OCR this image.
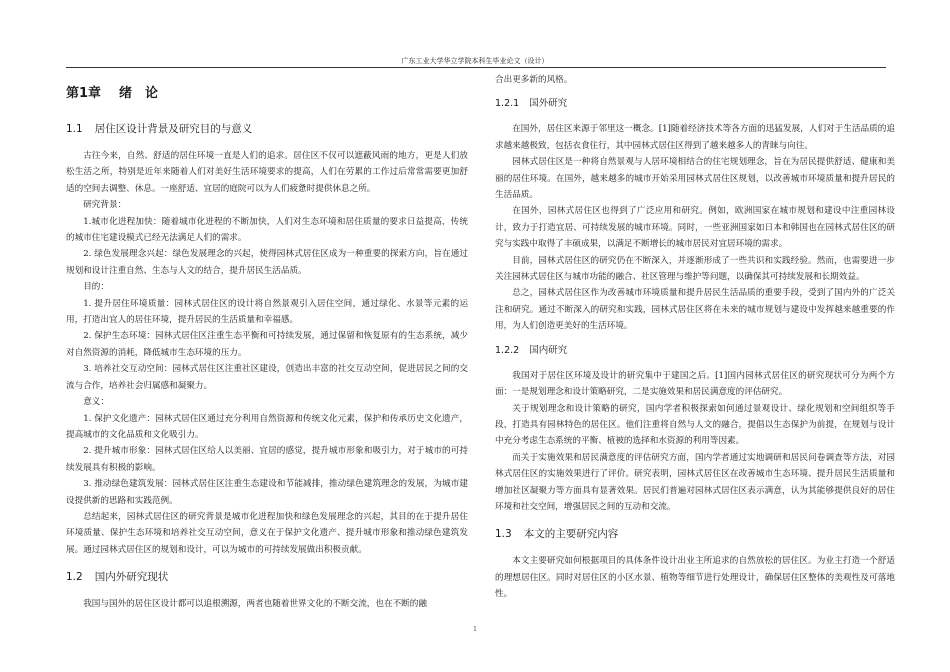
广东工业大学华立学院本科生毕业论文（设计）
第1章 绪　论
1.1 居住区设计背景及研究目的与意义

古往今来，自然、舒适的居住环境一直是人们的追求。居住区不仅可以遮蔽风雨的地方，更是人们放松生活之所，特别是近年来随着人们对美好生活环境要求的提高，人们在劳累的工作过后常常需要更加舒适的空间去调整、休息。一座舒适、宜居的庭院可以为人们疲惫时提供休息之所。

研究背景：

1.城市化进程加快：随着城市化进程的不断加快，人们对生态环境和居住质量的要求日益提高，传统的城市住宅建设模式已经无法满足人们的需求。

2. 绿色发展理念兴起：绿色发展理念的兴起，使得园林式居住区成为一种重要的探索方向，旨在通过规划和设计注重自然、生态与人文的结合，提升居民生活品质。

目的：

1. 提升居住环境质量：园林式居住区的设计将自然景观引入居住空间，通过绿化、水景等元素的运用，打造出宜人的居住环境，提升居民的生活质量和幸福感。

2. 保护生态环境：园林式居住区注重生态平衡和可持续发展，通过保留和恢复原有的生态系统，减少对自然资源的消耗，降低城市生态环境的压力。

3. 培养社交互动空间：园林式居住区注重社区建设，创造出丰富的社交互动空间，促进居民之间的交流与合作，培养社会归属感和凝聚力。

意义：

1. 保护文化遗产：园林式居住区通过充分利用自然资源和传统文化元素，保护和传承历史文化遗产，提高城市的文化品质和文化吸引力。

2. 提升城市形象：园林式居住区给人以美丽、宜居的感觉，提升城市形象和吸引力，对于城市的可持续发展具有积极的影响。

3. 推动绿色建筑发展：园林式居住区注重生态建设和节能减排，推动绿色建筑理念的发展，为城市建设提供新的思路和实践范例。

总结起来，园林式居住区的研究背景是城市化进程加快和绿色发展理念的兴起，其目的在于提升居住环境质量、保护生态环境和培养社交互动空间，意义在于保护文化遗产、提升城市形象和推动绿色建筑发展。通过园林式居住区的规划和设计，可以为城市的可持续发展做出积极贡献。

1.2 国内外研究现状

我国与国外的居住区设计都可以追根溯源，两者也随着世界文化的不断交流，也在不断的融

合出更多新的风格。

1.2.1 国外研究

在国外，居住区来源于邻里这一概念。[1]随着经济技术等各方面的迅猛发展，人们对于生活品质的追求越来越极致，包括衣食住行，其中园林式居住区得到了越来越多人的青睐与向往。

园林式居住区是一种将自然景观与人居环境相结合的住宅规划理念，旨在为居民提供舒适、健康和美丽的居住环境。在国外，越来越多的城市开始采用园林式居住区规划，以改善城市环境质量和提升居民的生活品质。

在国外，园林式居住区也得到了广泛应用和研究。例如，欧洲国家在城市规划和建设中注重园林设计，致力于打造宜居、可持续发展的城市环境。同时，一些亚洲国家如日本和韩国也在园林式居住区的研究与实践中取得了丰硕成果，以满足不断增长的城市居民对宜居环境的需求。

目前，园林式居住区的研究仍在不断深入，并逐渐形成了一些共识和实践经验。然而，也需要进一步关注园林式居住区与城市功能的融合、社区管理与维护等问题，以确保其可持续发展和长期效益。

总之，园林式居住区作为改善城市环境质量和提升居民生活品质的重要手段，受到了国内外的广泛关注和研究。通过不断深入的研究和实践，园林式居住区将在未来的城市规划与建设中发挥越来越重要的作用，为人们创造更美好的生活环境。

1.2.2 国内研究

我国对于居住区环境及设计的研究集中于建国之后。[1]国内园林式居住区的研究现状可分为两个方面：一是规划理念和设计策略研究，二是实施效果和居民满意度的评估研究。

关于规划理念和设计策略的研究，国内学者积极探索如何通过景观设计、绿化规划和空间组织等手段，打造具有园林特色的居住区。他们注重将自然与人文的融合，提倡以生态保护为前提，在规划与设计中充分考虑生态系统的平衡、植被的选择和水资源的利用等因素。

而关于实施效果和居民满意度的评估研究方面，国内学者通过实地调研和居民问卷调查等方法，对园林式居住区的实施效果进行了评价。研究表明，园林式居住区在改善城市生态环境、提升居民生活质量和增加社区凝聚力等方面具有显著效果。居民们普遍对园林式居住区表示满意，认为其能够提供良好的居住环境和社交空间，增强居民之间的互动和交流。

1.3 本文的主要研究内容

本文主要研究如何根据项目的具体条件设计出业主所追求的自然放松的居住区。为业主打造一个舒适的理想居住区。同时对居住区的小区水景、植物等细节进行处理设计，确保居住区整体的美观性及可落地性。

1
